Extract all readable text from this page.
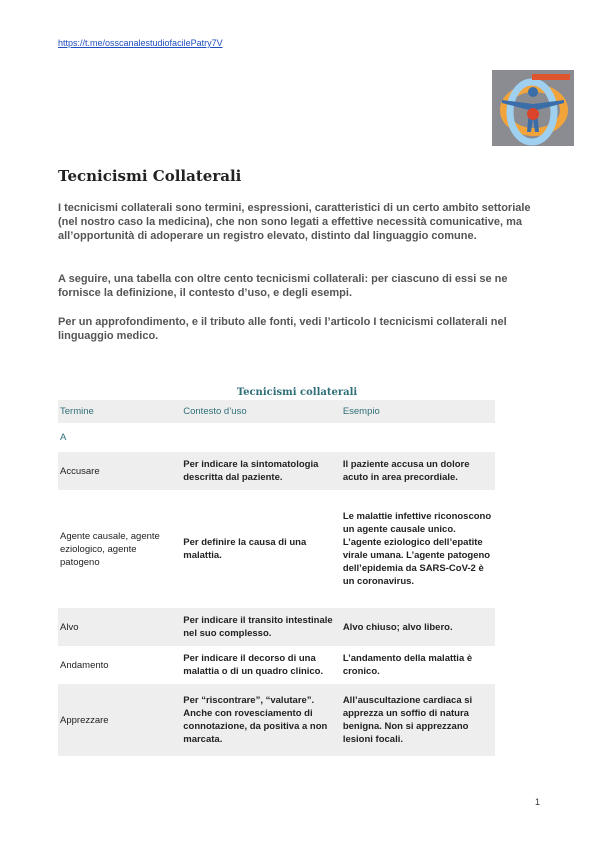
https://t.me/osscanalestudiofacilePatry7V
Tecnicismi Collaterali

I tecnicismi collaterali sono termini, espressioni, caratteristici di un certo ambito settoriale (nel nostro caso la medicina), che non sono legati a effettive necessità comunicative, ma all’opportunità di adoperare un registro elevato, distinto dal linguaggio comune.

A seguire, una tabella con oltre cento tecnicismi collaterali: per ciascuno di essi se ne fornisce la definizione, il contesto d’uso, e degli esempi.

Per un approfondimento, e il tributo alle fonti, vedi l’articolo I tecnicismi collaterali nel linguaggio medico.

Tecnicismi collaterali
Termine	Contesto d’uso	Esempio
A		
Accusare	Per indicare la sintomatologia descritta dal paziente.	Il paziente accusa un dolore acuto in area precordiale.
Agente causale, agente eziologico, agente patogeno	Per definire la causa di una malattia.	Le malattie infettive riconoscono un agente causale unico. L’agente eziologico dell’epatite virale umana. L’agente patogeno dell’epidemia da SARS-CoV-2 è un coronavirus.
Alvo	Per indicare il transito intestinale nel suo complesso.	Alvo chiuso; alvo libero.
Andamento	Per indicare il decorso di una malattia o di un quadro clinico.	L’andamento della malattia è cronico.
Apprezzare	Per “riscontrare”, “valutare”. Anche con rovesciamento di connotazione, da positiva a non marcata.	All’auscultazione cardiaca si apprezza un soffio di natura benigna. Non si apprezzano lesioni focali.
1
